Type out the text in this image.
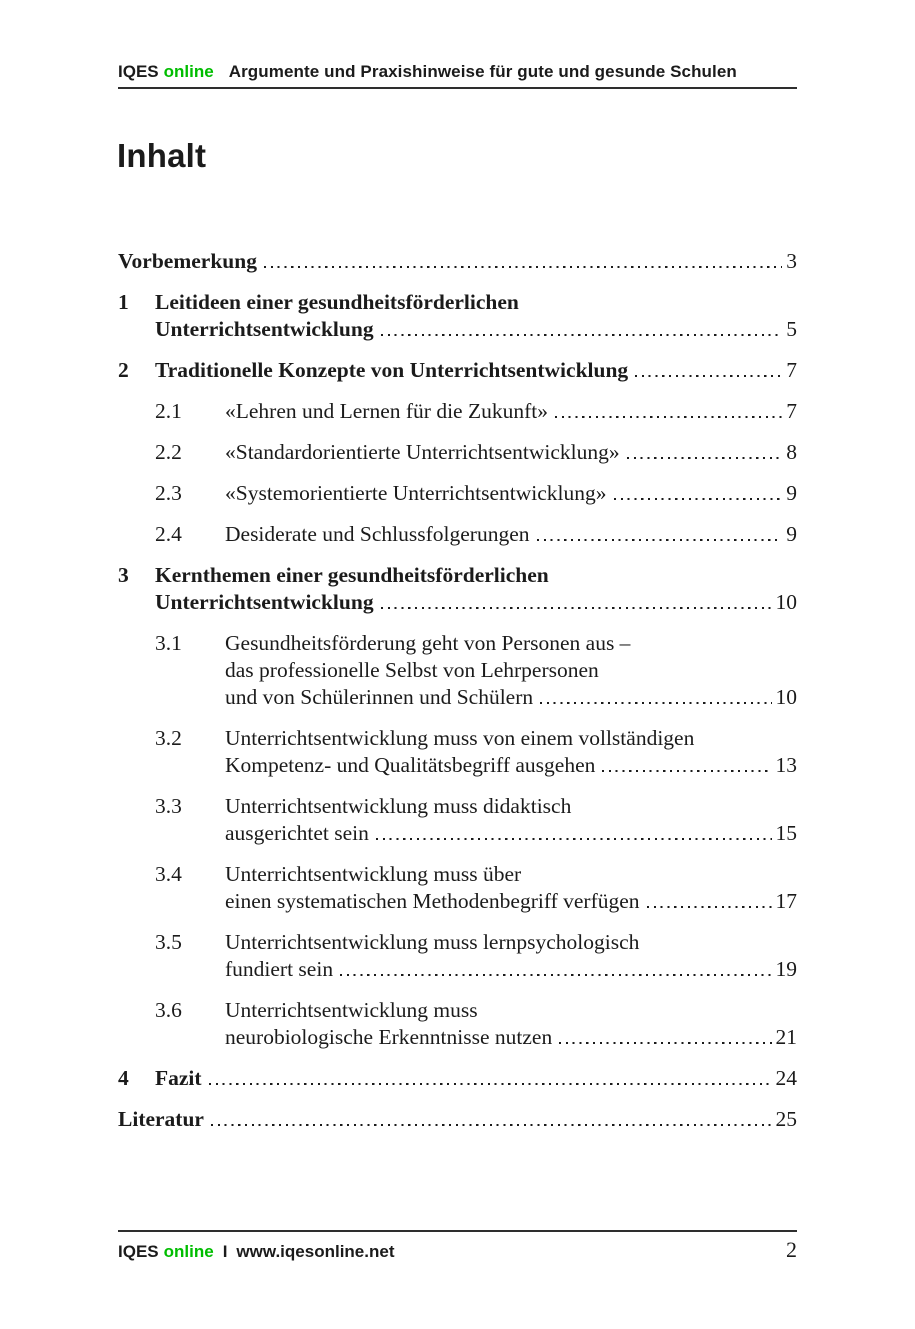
IQES online Argumente und Praxishinweise für gute und gesunde Schulen
Inhalt
Vorbemerkung	3
1	Leitideen einer gesundheitsförderlichen
Unterrichtsentwicklung	5
2	Traditionelle Konzepte von Unterrichtsentwicklung	7
2.1	«Lehren und Lernen für die Zukunft»	7
2.2	«Standardorientierte Unterrichtsentwicklung»	8
2.3	«Systemorientierte Unterrichtsentwicklung»	9
2.4	Desiderate und Schlussfolgerungen	9
3	Kernthemen einer gesundheitsförderlichen
Unterrichtsentwicklung	10
3.1	Gesundheitsförderung geht von Personen aus –
das professionelle Selbst von Lehrpersonen
und von Schülerinnen und Schülern	10
3.2	Unterrichtsentwicklung muss von einem vollständigen
Kompetenz- und Qualitätsbegriff ausgehen	13
3.3	Unterrichtsentwicklung muss didaktisch
ausgerichtet sein	15
3.4	Unterrichtsentwicklung muss über
einen systematischen Methodenbegriff verfügen	17
3.5	Unterrichtsentwicklung muss lernpsychologisch
fundiert sein	19
3.6	Unterrichtsentwicklung muss
neurobiologische Erkenntnisse nutzen	21
4	Fazit	24
Literatur	25
IQES online I www.iqesonline.net	2
